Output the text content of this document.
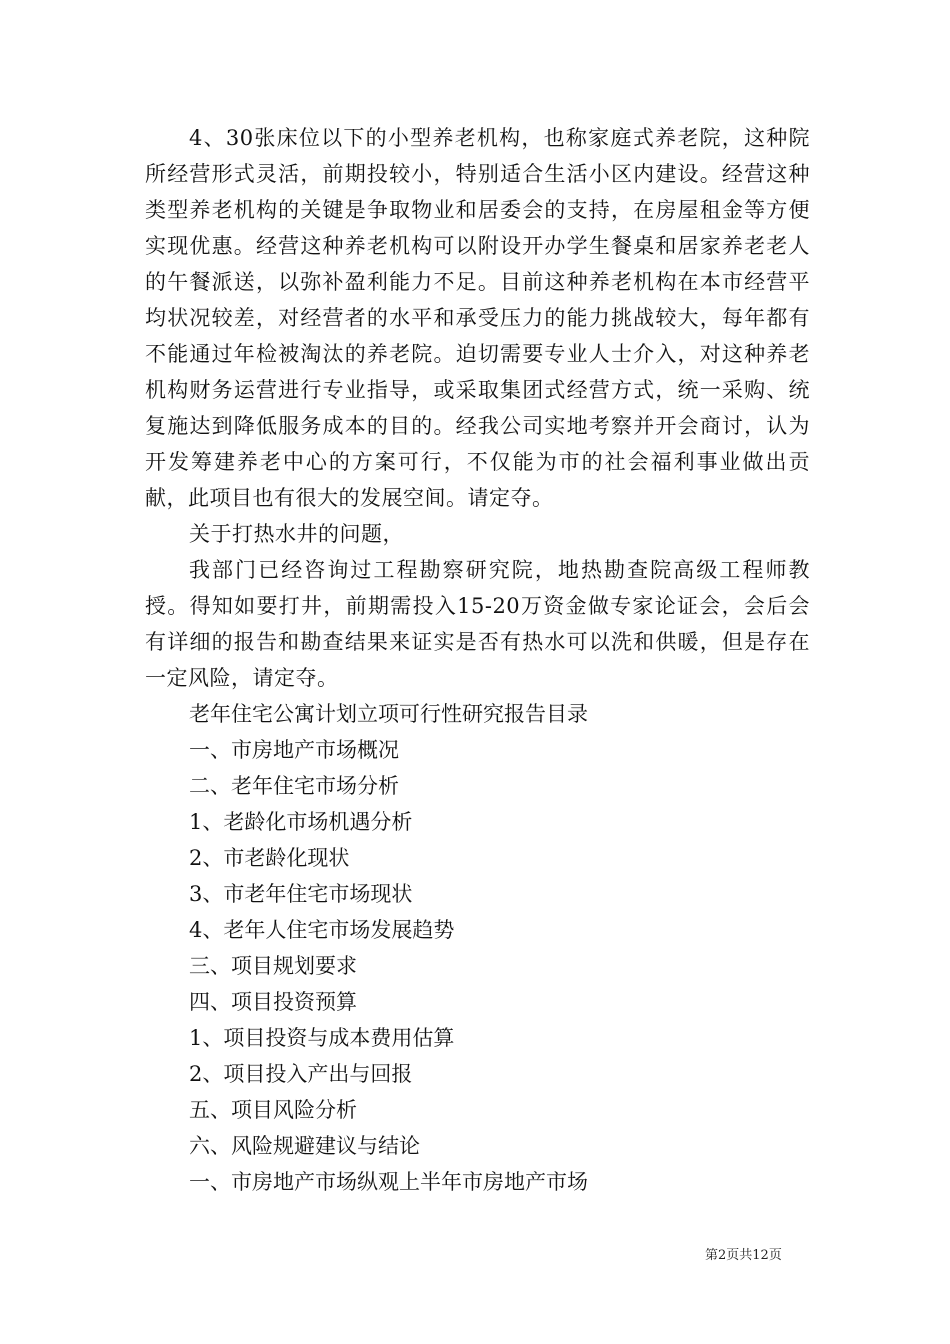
4、30张床位以下的小型养老机构，也称家庭式养老院，这种院所经营形式灵活，前期投较小，特别适合生活小区内建设。经营这种类型养老机构的关键是争取物业和居委会的支持，在房屋租金等方便实现优惠。经营这种养老机构可以附设开办学生餐桌和居家养老老人的午餐派送，以弥补盈利能力不足。目前这种养老机构在本市经营平均状况较差，对经营者的水平和承受压力的能力挑战较大，每年都有不能通过年检被淘汰的养老院。迫切需要专业人士介入，对这种养老机构财务运营进行专业指导，或采取集团式经营方式，统一采购、统复施达到降低服务成本的目的。经我公司实地考察并开会商讨，认为开发筹建养老中心的方案可行，不仅能为市的社会福利事业做出贡献，此项目也有很大的发展空间。请定夺。

关于打热水井的问题，

我部门已经咨询过工程勘察研究院，地热勘查院高级工程师教授。得知如要打井，前期需投入15-20万资金做专家论证会，会后会有详细的报告和勘查结果来证实是否有热水可以洗和供暖，但是存在一定风险，请定夺。

老年住宅公寓计划立项可行性研究报告目录

一、市房地产市场概况
二、老年住宅市场分析
1、老龄化市场机遇分析
2、市老龄化现状
3、市老年住宅市场现状
4、老年人住宅市场发展趋势
三、项目规划要求
四、项目投资预算
1、项目投资与成本费用估算
2、项目投入产出与回报
五、项目风险分析
六、风险规避建议与结论
一、市房地产市场纵观上半年市房地产市场
第2页共12页
